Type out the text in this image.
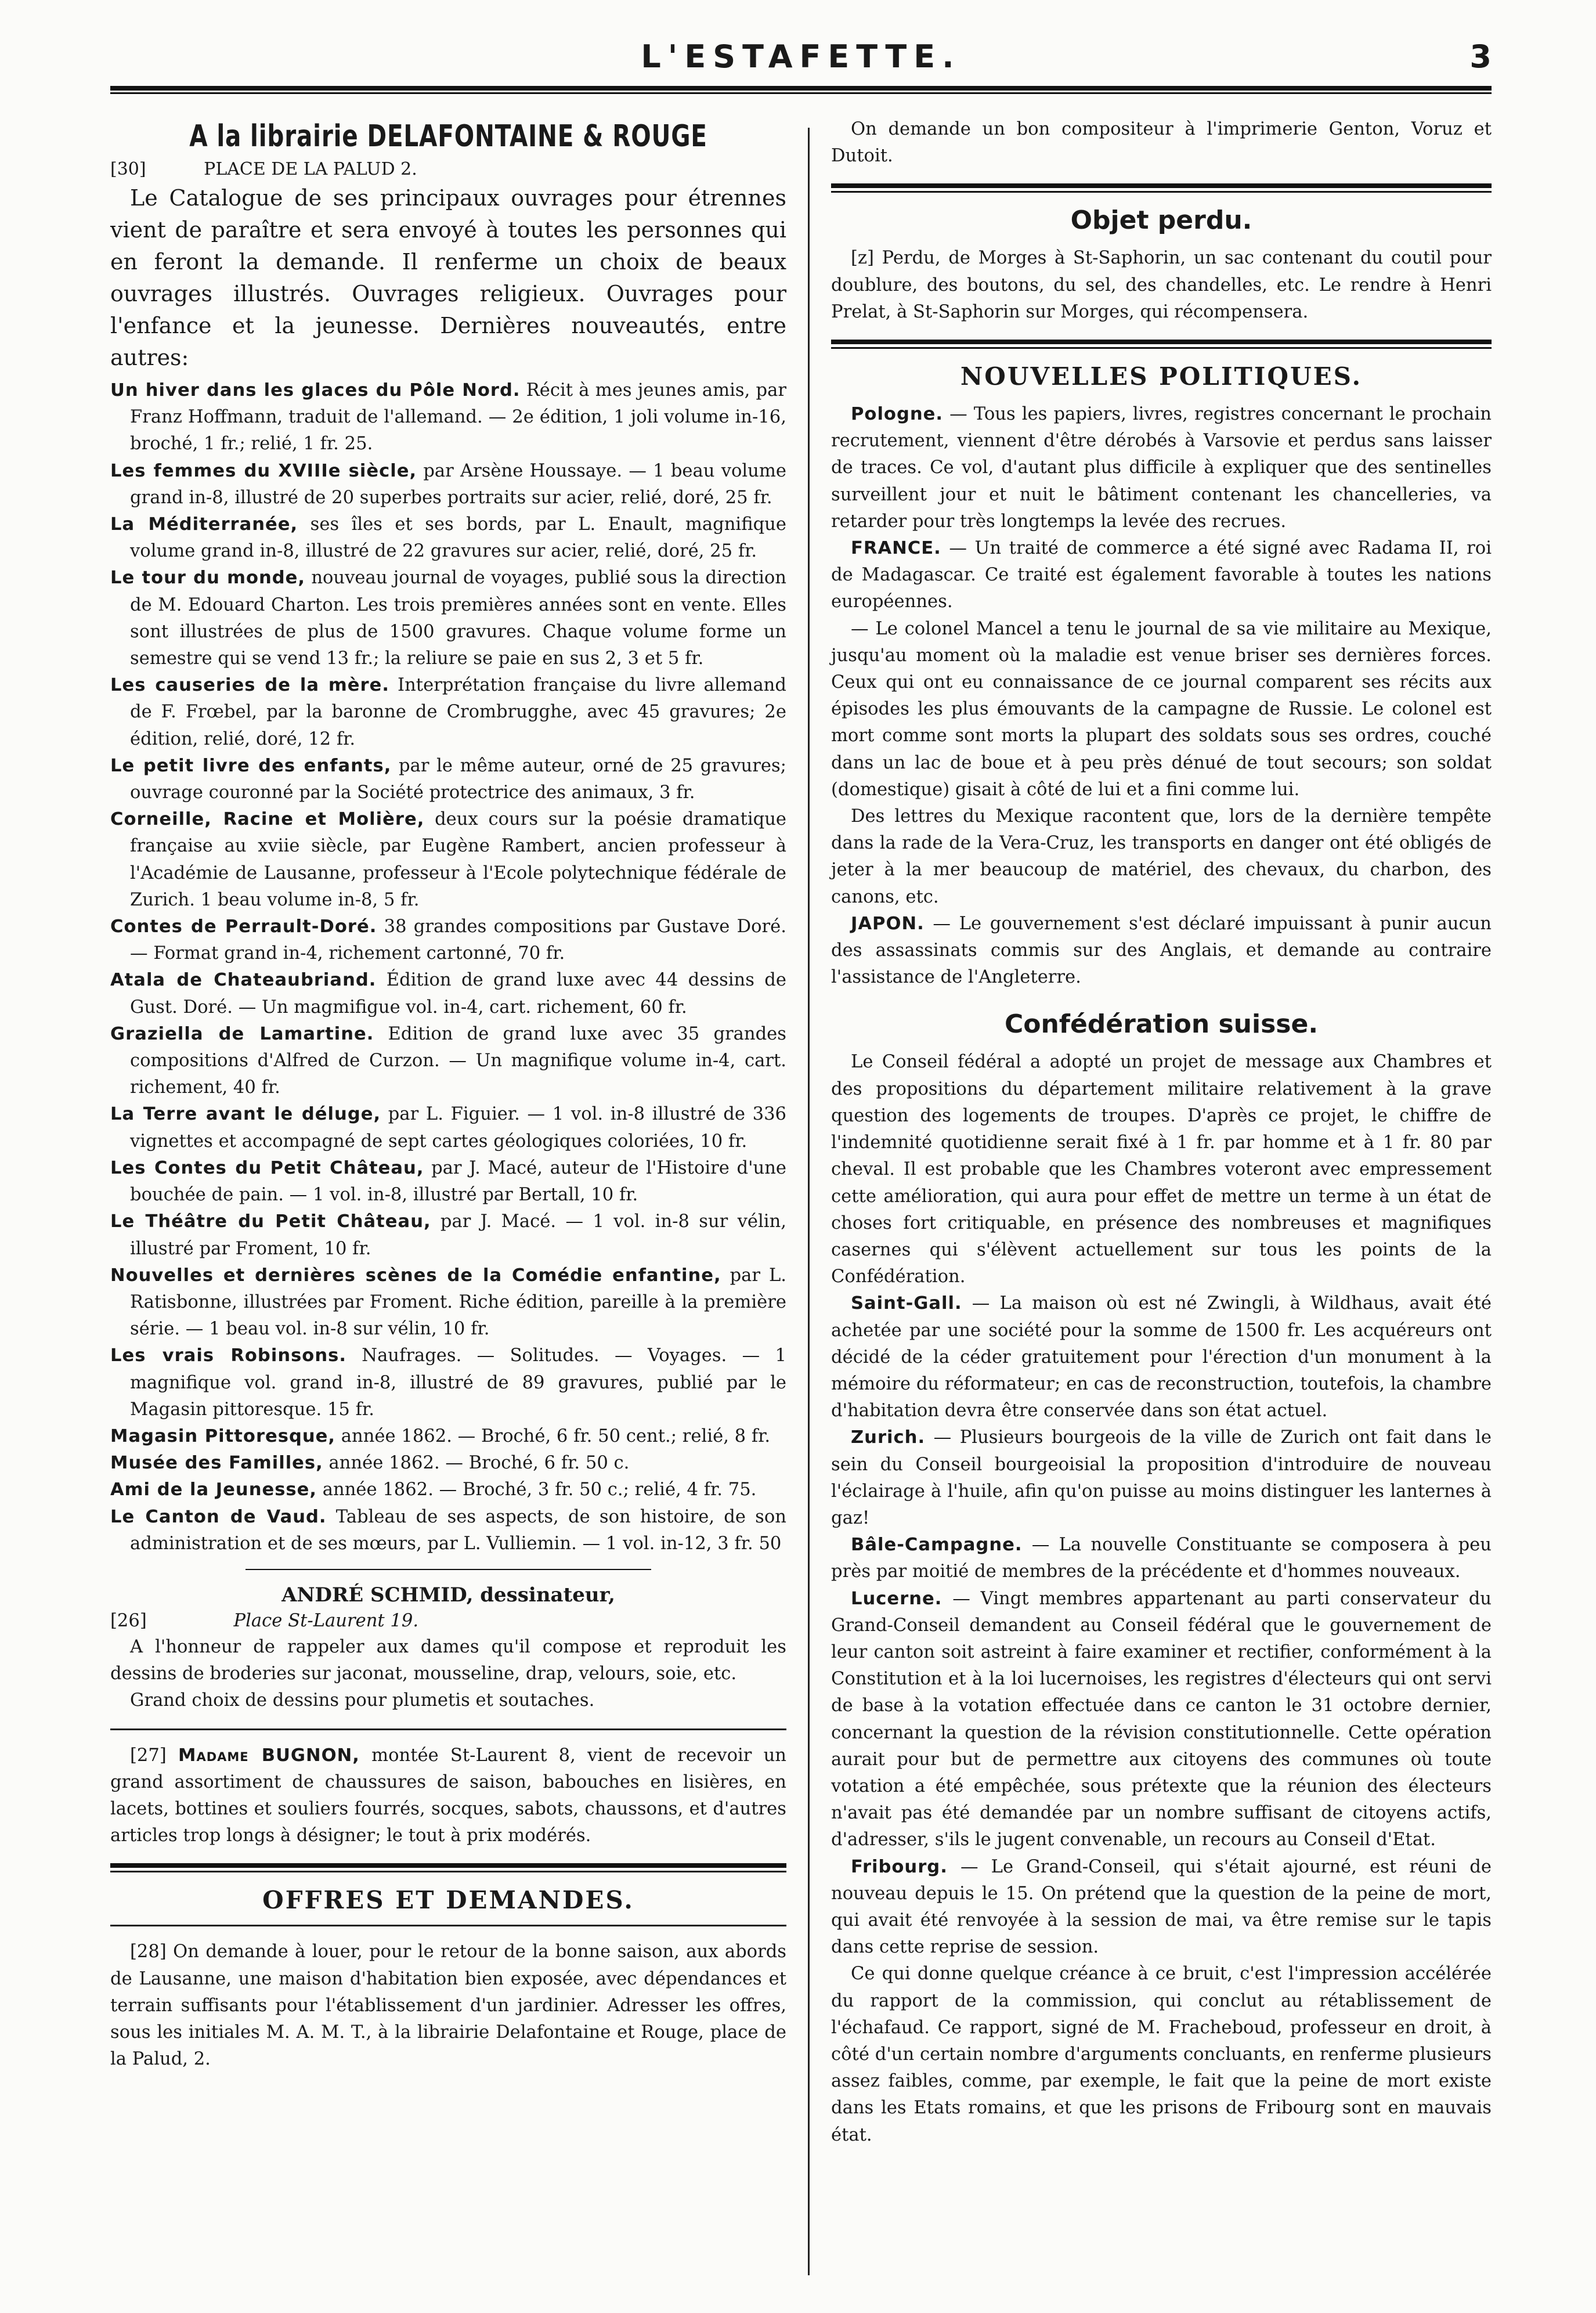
L'ESTAFETTE.	3
A la librairie DELAFONTAINE & ROUGE
[30]	PLACE DE LA PALUD 2.

Le Catalogue de ses principaux ouvrages pour étrennes vient de paraître et sera envoyé à toutes les personnes qui en feront la demande. Il renferme un choix de beaux ouvrages illustrés. Ouvrages religieux. Ouvrages pour l'enfance et la jeunesse. Dernières nouveautés, entre autres:

Un hiver dans les glaces du Pôle Nord. Récit à mes jeunes amis, par Franz Hoffmann, traduit de l'allemand. — 2e édition, 1 joli volume in-16, broché, 1 fr.; relié, 1 fr. 25.

Les femmes du XVIIIe siècle, par Arsène Houssaye. — 1 beau volume grand in-8, illustré de 20 superbes portraits sur acier, relié, doré, 25 fr.

La Méditerranée, ses îles et ses bords, par L. Enault, magnifique volume grand in-8, illustré de 22 gravures sur acier, relié, doré, 25 fr.

Le tour du monde, nouveau journal de voyages, publié sous la direction de M. Edouard Charton. Les trois premières années sont en vente. Elles sont illustrées de plus de 1500 gravures. Chaque volume forme un semestre qui se vend 13 fr.; la reliure se paie en sus 2, 3 et 5 fr.

Les causeries de la mère. Interprétation française du livre allemand de F. Frœbel, par la baronne de Crombrugghe, avec 45 gravures; 2e édition, relié, doré, 12 fr.

Le petit livre des enfants, par le même auteur, orné de 25 gravures; ouvrage couronné par la Société protectrice des animaux, 3 fr.

Corneille, Racine et Molière, deux cours sur la poésie dramatique française au xviie siècle, par Eugène Rambert, ancien professeur à l'Académie de Lausanne, professeur à l'Ecole polytechnique fédérale de Zurich. 1 beau volume in-8, 5 fr.

Contes de Perrault-Doré. 38 grandes compositions par Gustave Doré. — Format grand in-4, richement cartonné, 70 fr.

Atala de Chateaubriand. Édition de grand luxe avec 44 dessins de Gust. Doré. — Un magmifigue vol. in-4, cart. richement, 60 fr.

Graziella de Lamartine. Edition de grand luxe avec 35 grandes compositions d'Alfred de Curzon. — Un magnifique volume in-4, cart. richement, 40 fr.

La Terre avant le déluge, par L. Figuier. — 1 vol. in-8 illustré de 336 vignettes et accompagné de sept cartes géologiques coloriées, 10 fr.

Les Contes du Petit Château, par J. Macé, auteur de l'Histoire d'une bouchée de pain. — 1 vol. in-8, illustré par Bertall, 10 fr.

Le Théâtre du Petit Château, par J. Macé. — 1 vol. in-8 sur vélin, illustré par Froment, 10 fr.

Nouvelles et dernières scènes de la Comédie enfantine, par L. Ratisbonne, illustrées par Froment. Riche édition, pareille à la première série. — 1 beau vol. in-8 sur vélin, 10 fr.

Les vrais Robinsons. Naufrages. — Solitudes. — Voyages. — 1 magnifique vol. grand in-8, illustré de 89 gravures, publié par le Magasin pittoresque. 15 fr.

Magasin Pittoresque, année 1862. — Broché, 6 fr. 50 cent.; relié, 8 fr.

Musée des Familles, année 1862. — Broché, 6 fr. 50 c.

Ami de la Jeunesse, année 1862. — Broché, 3 fr. 50 c.; relié, 4 fr. 75.

Le Canton de Vaud. Tableau de ses aspects, de son histoire, de son administration et de ses mœurs, par L. Vulliemin. — 1 vol. in-12, 3 fr. 50

ANDRÉ SCHMID, dessinateur,
[26]	Place St-Laurent 19.

A l'honneur de rappeler aux dames qu'il compose et reproduit les dessins de broderies sur jaconat, mousseline, drap, velours, soie, etc.

Grand choix de dessins pour plumetis et soutaches.

[27] Madame BUGNON, montée St-Laurent 8, vient de recevoir un grand assortiment de chaussures de saison, babouches en lisières, en lacets, bottines et souliers fourrés, socques, sabots, chaussons, et d'autres articles trop longs à désigner; le tout à prix modérés.

OFFRES ET DEMANDES.

[28] On demande à louer, pour le retour de la bonne saison, aux abords de Lausanne, une maison d'habitation bien exposée, avec dépendances et terrain suffisants pour l'établissement d'un jardinier. Adresser les offres, sous les initiales M. A. M. T., à la librairie Delafontaine et Rouge, place de la Palud, 2.

On demande un bon compositeur à l'imprimerie Genton, Voruz et Dutoit.

Objet perdu.

[z] Perdu, de Morges à St-Saphorin, un sac contenant du coutil pour doublure, des boutons, du sel, des chandelles, etc. Le rendre à Henri Prelat, à St-Saphorin sur Morges, qui récompensera.

NOUVELLES POLITIQUES.

Pologne. — Tous les papiers, livres, registres concernant le prochain recrutement, viennent d'être dérobés à Varsovie et perdus sans laisser de traces. Ce vol, d'autant plus difficile à expliquer que des sentinelles surveillent jour et nuit le bâtiment contenant les chancelleries, va retarder pour très longtemps la levée des recrues.

FRANCE. — Un traité de commerce a été signé avec Radama II, roi de Madagascar. Ce traité est également favorable à toutes les nations européennes.

— Le colonel Mancel a tenu le journal de sa vie militaire au Mexique, jusqu'au moment où la maladie est venue briser ses dernières forces. Ceux qui ont eu connaissance de ce journal comparent ses récits aux épisodes les plus émouvants de la campagne de Russie. Le colonel est mort comme sont morts la plupart des soldats sous ses ordres, couché dans un lac de boue et à peu près dénué de tout secours; son soldat (domestique) gisait à côté de lui et a fini comme lui.

Des lettres du Mexique racontent que, lors de la dernière tempête dans la rade de la Vera-Cruz, les transports en danger ont été obligés de jeter à la mer beaucoup de matériel, des chevaux, du charbon, des canons, etc.

JAPON. — Le gouvernement s'est déclaré impuissant à punir aucun des assassinats commis sur des Anglais, et demande au contraire l'assistance de l'Angleterre.

Confédération suisse.

Le Conseil fédéral a adopté un projet de message aux Chambres et des propositions du département militaire relativement à la grave question des logements de troupes. D'après ce projet, le chiffre de l'indemnité quotidienne serait fixé à 1 fr. par homme et à 1 fr. 80 par cheval. Il est probable que les Chambres voteront avec empressement cette amélioration, qui aura pour effet de mettre un terme à un état de choses fort critiquable, en présence des nombreuses et magnifiques casernes qui s'élèvent actuellement sur tous les points de la Confédération.

Saint-Gall. — La maison où est né Zwingli, à Wildhaus, avait été achetée par une société pour la somme de 1500 fr. Les acquéreurs ont décidé de la céder gratuitement pour l'érection d'un monument à la mémoire du réformateur; en cas de reconstruction, toutefois, la chambre d'habitation devra être conservée dans son état actuel.

Zurich. — Plusieurs bourgeois de la ville de Zurich ont fait dans le sein du Conseil bourgeoisial la proposition d'introduire de nouveau l'éclairage à l'huile, afin qu'on puisse au moins distinguer les lanternes à gaz!

Bâle-Campagne. — La nouvelle Constituante se composera à peu près par moitié de membres de la précédente et d'hommes nouveaux.

Lucerne. — Vingt membres appartenant au parti conservateur du Grand-Conseil demandent au Conseil fédéral que le gouvernement de leur canton soit astreint à faire examiner et rectifier, conformément à la Constitution et à la loi lucernoises, les registres d'électeurs qui ont servi de base à la votation effectuée dans ce canton le 31 octobre dernier, concernant la question de la révision constitutionnelle. Cette opération aurait pour but de permettre aux citoyens des communes où toute votation a été empêchée, sous prétexte que la réunion des électeurs n'avait pas été demandée par un nombre suffisant de citoyens actifs, d'adresser, s'ils le jugent convenable, un recours au Conseil d'Etat.

Fribourg. — Le Grand-Conseil, qui s'était ajourné, est réuni de nouveau depuis le 15. On prétend que la question de la peine de mort, qui avait été renvoyée à la session de mai, va être remise sur le tapis dans cette reprise de session.

Ce qui donne quelque créance à ce bruit, c'est l'impression accélérée du rapport de la commission, qui conclut au rétablissement de l'échafaud. Ce rapport, signé de M. Fracheboud, professeur en droit, à côté d'un certain nombre d'arguments concluants, en renferme plusieurs assez faibles, comme, par exemple, le fait que la peine de mort existe dans les Etats romains, et que les prisons de Fribourg sont en mauvais état.
